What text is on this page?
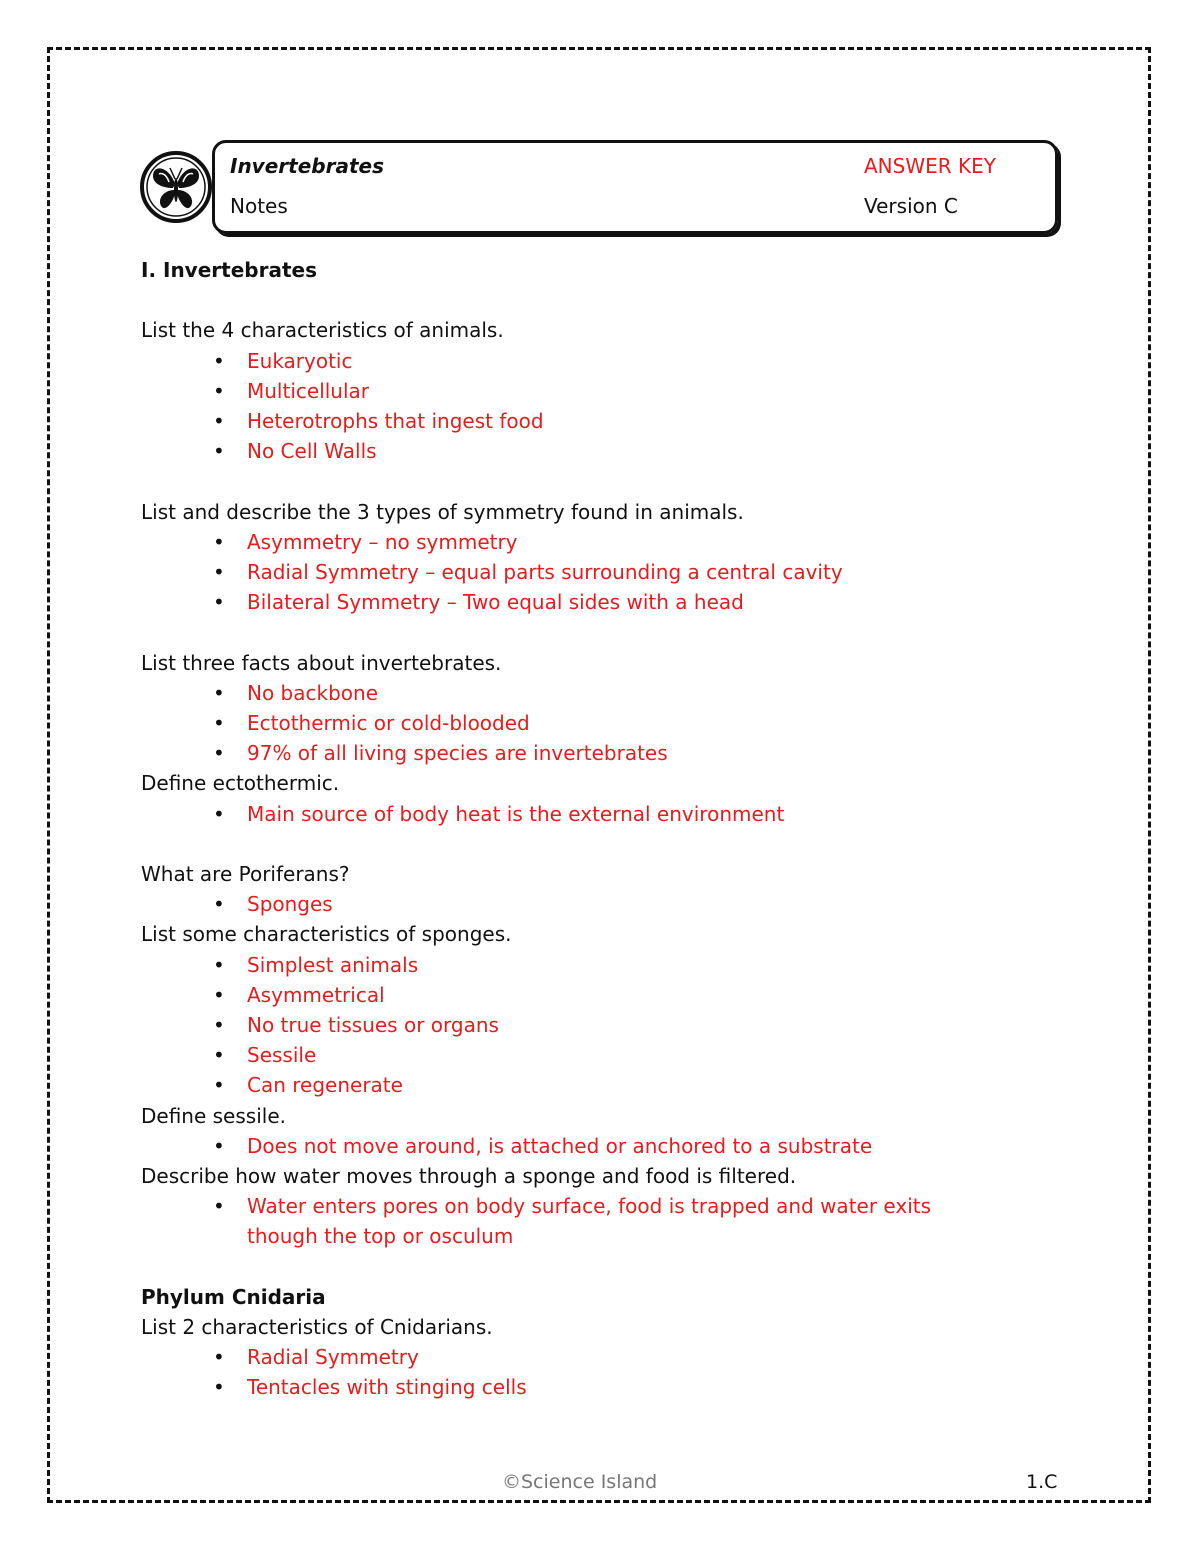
Invertebrates
Notes
ANSWER KEY
Version C

I. Invertebrates

List the 4 characteristics of animals.

• Eukaryotic
• Multicellular
• Heterotrophs that ingest food
• No Cell Walls

List and describe the 3 types of symmetry found in animals.

• Asymmetry – no symmetry
• Radial Symmetry – equal parts surrounding a central cavity
• Bilateral Symmetry – Two equal sides with a head

List three facts about invertebrates.

• No backbone
• Ectothermic or cold-blooded
• 97% of all living species are invertebrates

Define ectothermic.

• Main source of body heat is the external environment

What are Poriferans?

• Sponges

List some characteristics of sponges.

• Simplest animals
• Asymmetrical
• No true tissues or organs
• Sessile
• Can regenerate

Define sessile.

• Does not move around, is attached or anchored to a substrate

Describe how water moves through a sponge and food is filtered.

• Water enters pores on body surface, food is trapped and water exits though the top or osculum

Phylum Cnidaria

List 2 characteristics of Cnidarians.

• Radial Symmetry
• Tentacles with stinging cells
©Science Island	1.C
